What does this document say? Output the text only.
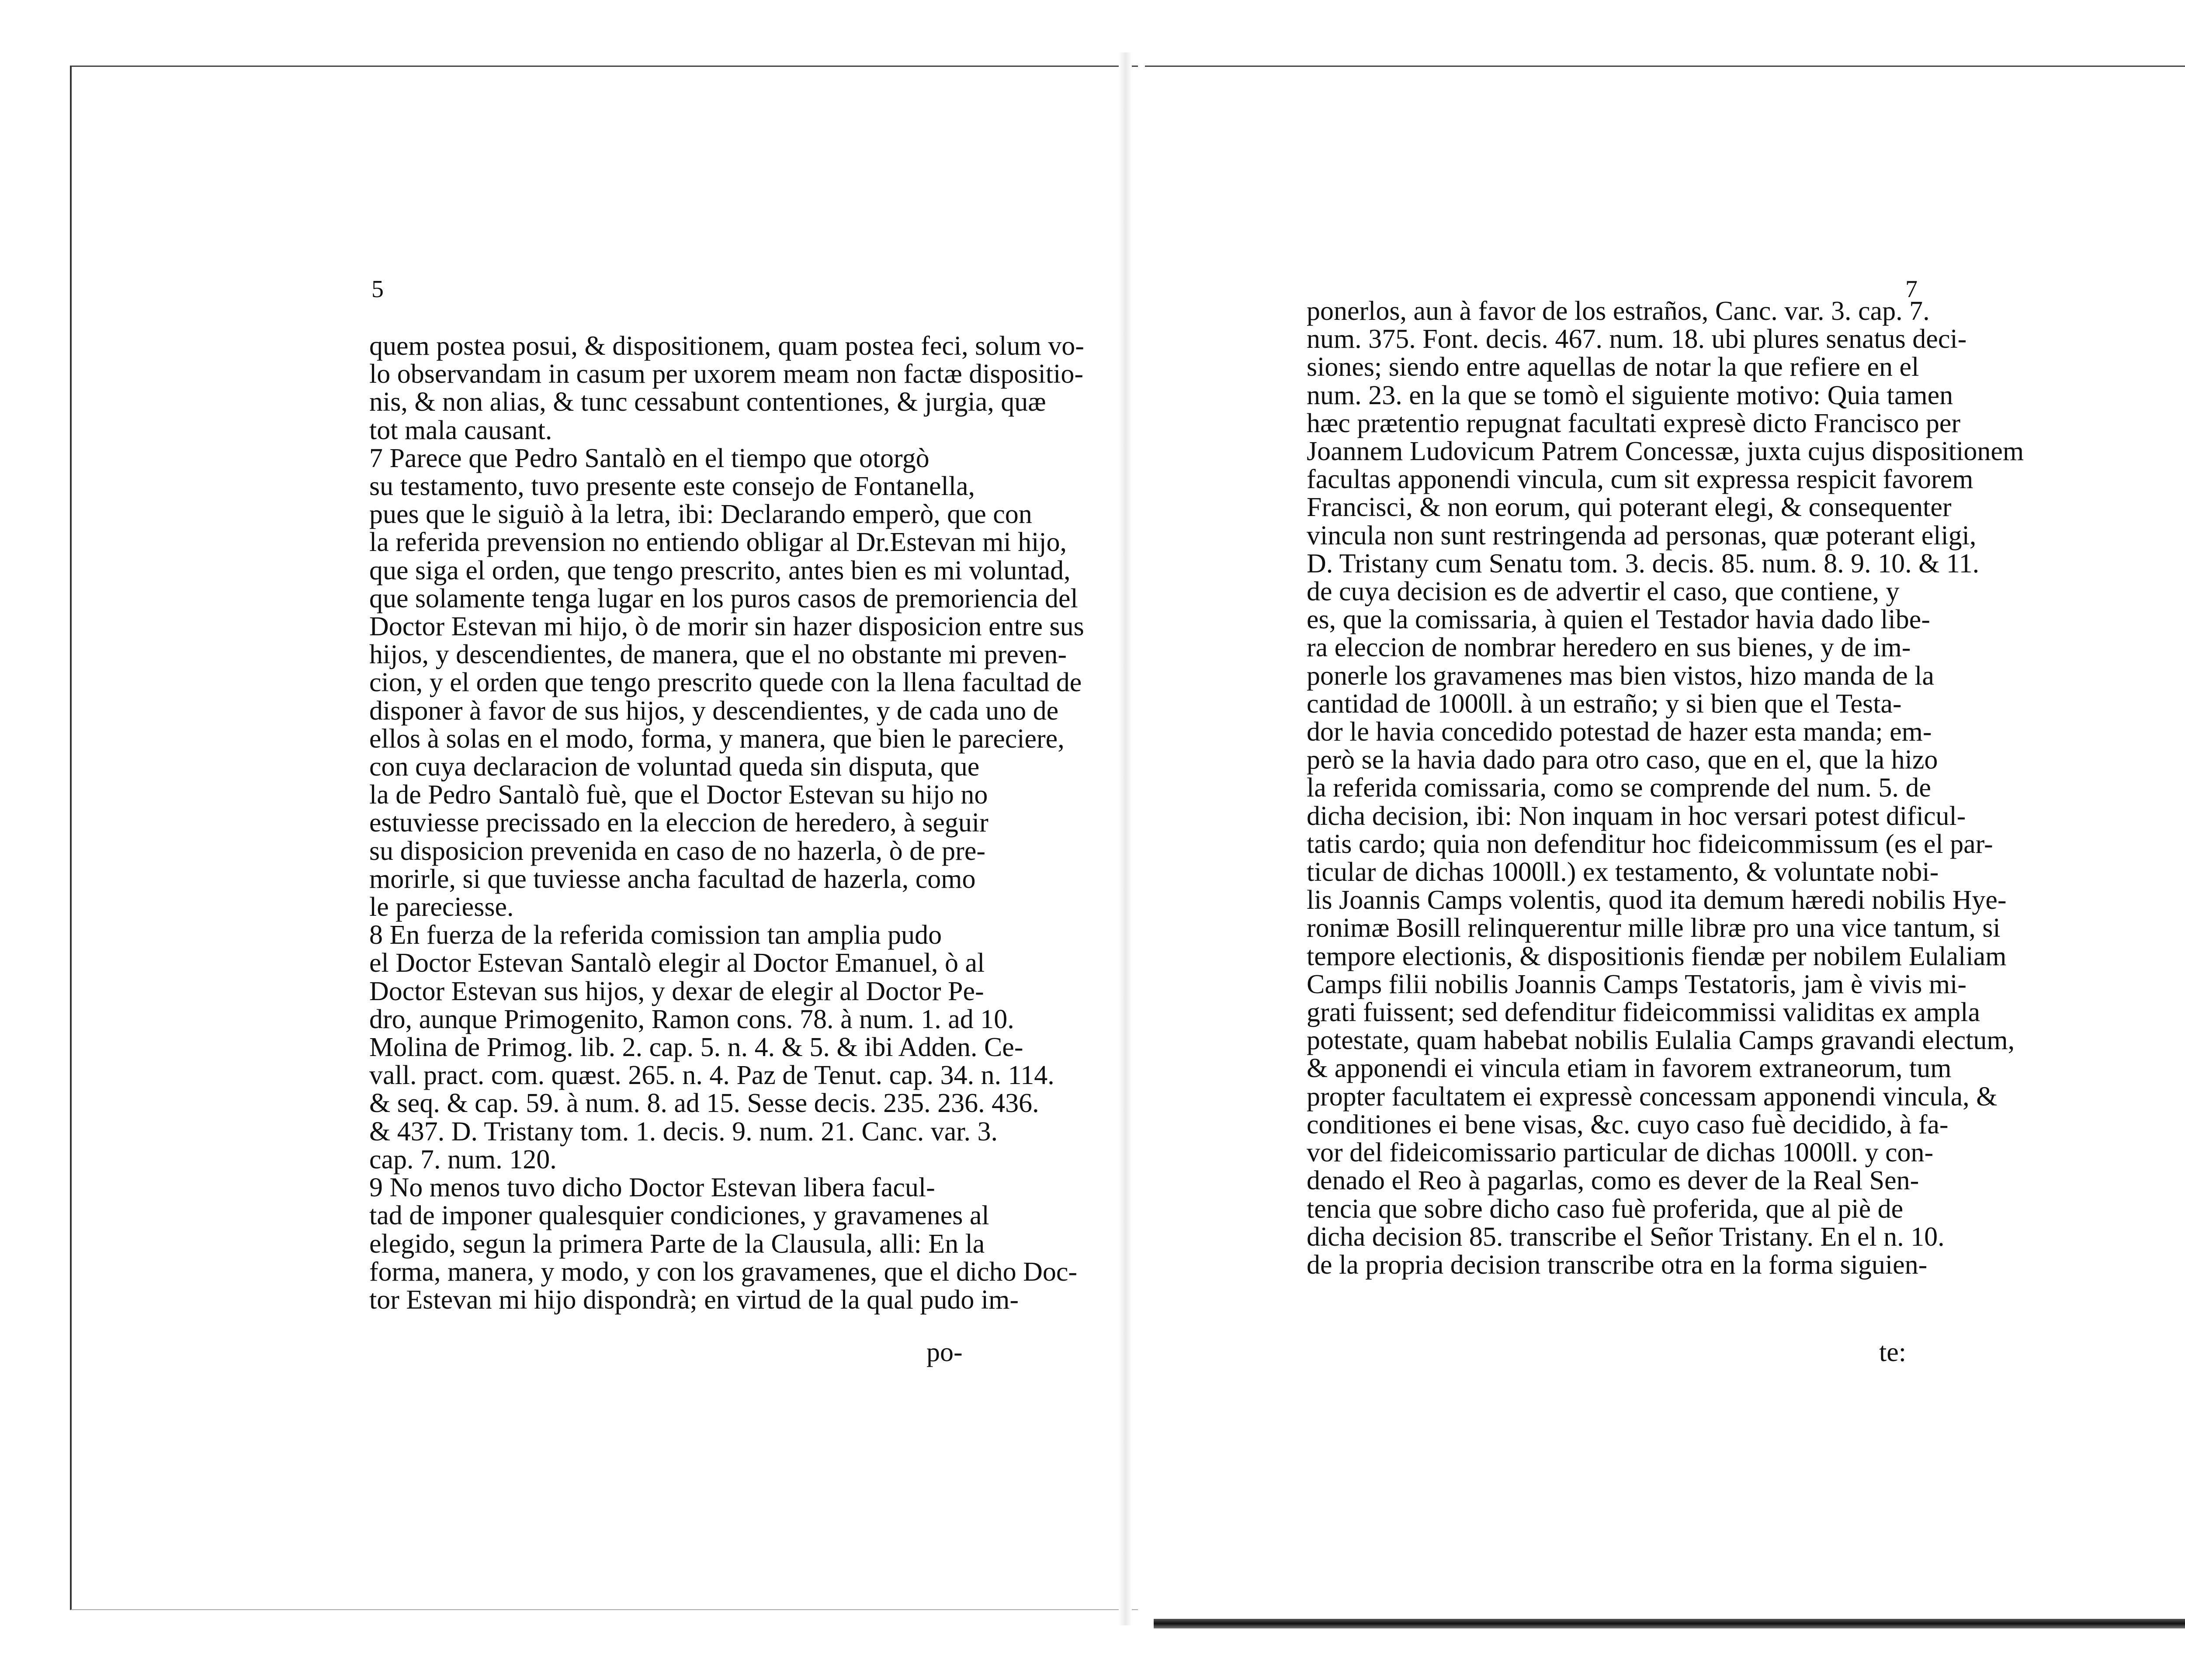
5	7
quem postea posui, & dispositionem, quam postea feci, solum vo-
lo observandam in casum per uxorem meam non factæ dispositio-
nis, & non alias, & tunc cessabunt contentiones, & jurgia, quæ
tot mala causant.
7 Parece que Pedro Santalò en el tiempo que otorgò
su testamento, tuvo presente este consejo de Fontanella,
pues que le siguiò à la letra, ibi: Declarando emperò, que con
la referida prevension no entiendo obligar al Dr.Estevan mi hijo,
que siga el orden, que tengo prescrito, antes bien es mi voluntad,
que solamente tenga lugar en los puros casos de premoriencia del
Doctor Estevan mi hijo, ò de morir sin hazer disposicion entre sus
hijos, y descendientes, de manera, que el no obstante mi preven-
cion, y el orden que tengo prescrito quede con la llena facultad de
disponer à favor de sus hijos, y descendientes, y de cada uno de
ellos à solas en el modo, forma, y manera, que bien le pareciere,
con cuya declaracion de voluntad queda sin disputa, que
la de Pedro Santalò fuè, que el Doctor Estevan su hijo no
estuviesse precissado en la eleccion de heredero, à seguir
su disposicion prevenida en caso de no hazerla, ò de pre-
morirle, si que tuviesse ancha facultad de hazerla, como
le pareciesse.
8 En fuerza de la referida comission tan amplia pudo
el Doctor Estevan Santalò elegir al Doctor Emanuel, ò al
Doctor Estevan sus hijos, y dexar de elegir al Doctor Pe-
dro, aunque Primogenito, Ramon cons. 78. à num. 1. ad 10.
Molina de Primog. lib. 2. cap. 5. n. 4. & 5. & ibi Adden. Ce-
vall. pract. com. quæst. 265. n. 4. Paz de Tenut. cap. 34. n. 114.
& seq. & cap. 59. à num. 8. ad 15. Sesse decis. 235. 236. 436.
& 437. D. Tristany tom. 1. decis. 9. num. 21. Canc. var. 3.
cap. 7. num. 120.
9 No menos tuvo dicho Doctor Estevan libera facul-
tad de imponer qualesquier condiciones, y gravamenes al
elegido, segun la primera Parte de la Clausula, alli: En la
forma, manera, y modo, y con los gravamenes, que el dicho Doc-
tor Estevan mi hijo dispondrà; en virtud de la qual pudo im-
ponerlos, aun à favor de los estraños, Canc. var. 3. cap. 7.
num. 375. Font. decis. 467. num. 18. ubi plures senatus deci-
siones; siendo entre aquellas de notar la que refiere en el
num. 23. en la que se tomò el siguiente motivo: Quia tamen
hæc prætentio repugnat facultati expresè dicto Francisco per
Joannem Ludovicum Patrem Concessæ, juxta cujus dispositionem
facultas apponendi vincula, cum sit expressa respicit favorem
Francisci, & non eorum, qui poterant elegi, & consequenter
vincula non sunt restringenda ad personas, quæ poterant eligi,
D. Tristany cum Senatu tom. 3. decis. 85. num. 8. 9. 10. & 11.
de cuya decision es de advertir el caso, que contiene, y
es, que la comissaria, à quien el Testador havia dado libe-
ra eleccion de nombrar heredero en sus bienes, y de im-
ponerle los gravamenes mas bien vistos, hizo manda de la
cantidad de 1000ll. à un estraño; y si bien que el Testa-
dor le havia concedido potestad de hazer esta manda; em-
però se la havia dado para otro caso, que en el, que la hizo
la referida comissaria, como se comprende del num. 5. de
dicha decision, ibi: Non inquam in hoc versari potest dificul-
tatis cardo; quia non defenditur hoc fideicommissum (es el par-
ticular de dichas 1000ll.) ex testamento, & voluntate nobi-
lis Joannis Camps volentis, quod ita demum hæredi nobilis Hye-
ronimæ Bosill relinquerentur mille libræ pro una vice tantum, si
tempore electionis, & dispositionis fiendæ per nobilem Eulaliam
Camps filii nobilis Joannis Camps Testatoris, jam è vivis mi-
grati fuissent; sed defenditur fideicommissi validitas ex ampla
potestate, quam habebat nobilis Eulalia Camps gravandi electum,
& apponendi ei vincula etiam in favorem extraneorum, tum
propter facultatem ei expressè concessam apponendi vincula, &
conditiones ei bene visas, &c. cuyo caso fuè decidido, à fa-
vor del fideicomissario particular de dichas 1000ll. y con-
denado el Reo à pagarlas, como es dever de la Real Sen-
tencia que sobre dicho caso fuè proferida, que al piè de
dicha decision 85. transcribe el Señor Tristany. En el n. 10.
de la propria decision transcribe otra en la forma siguien-
po-	te:
